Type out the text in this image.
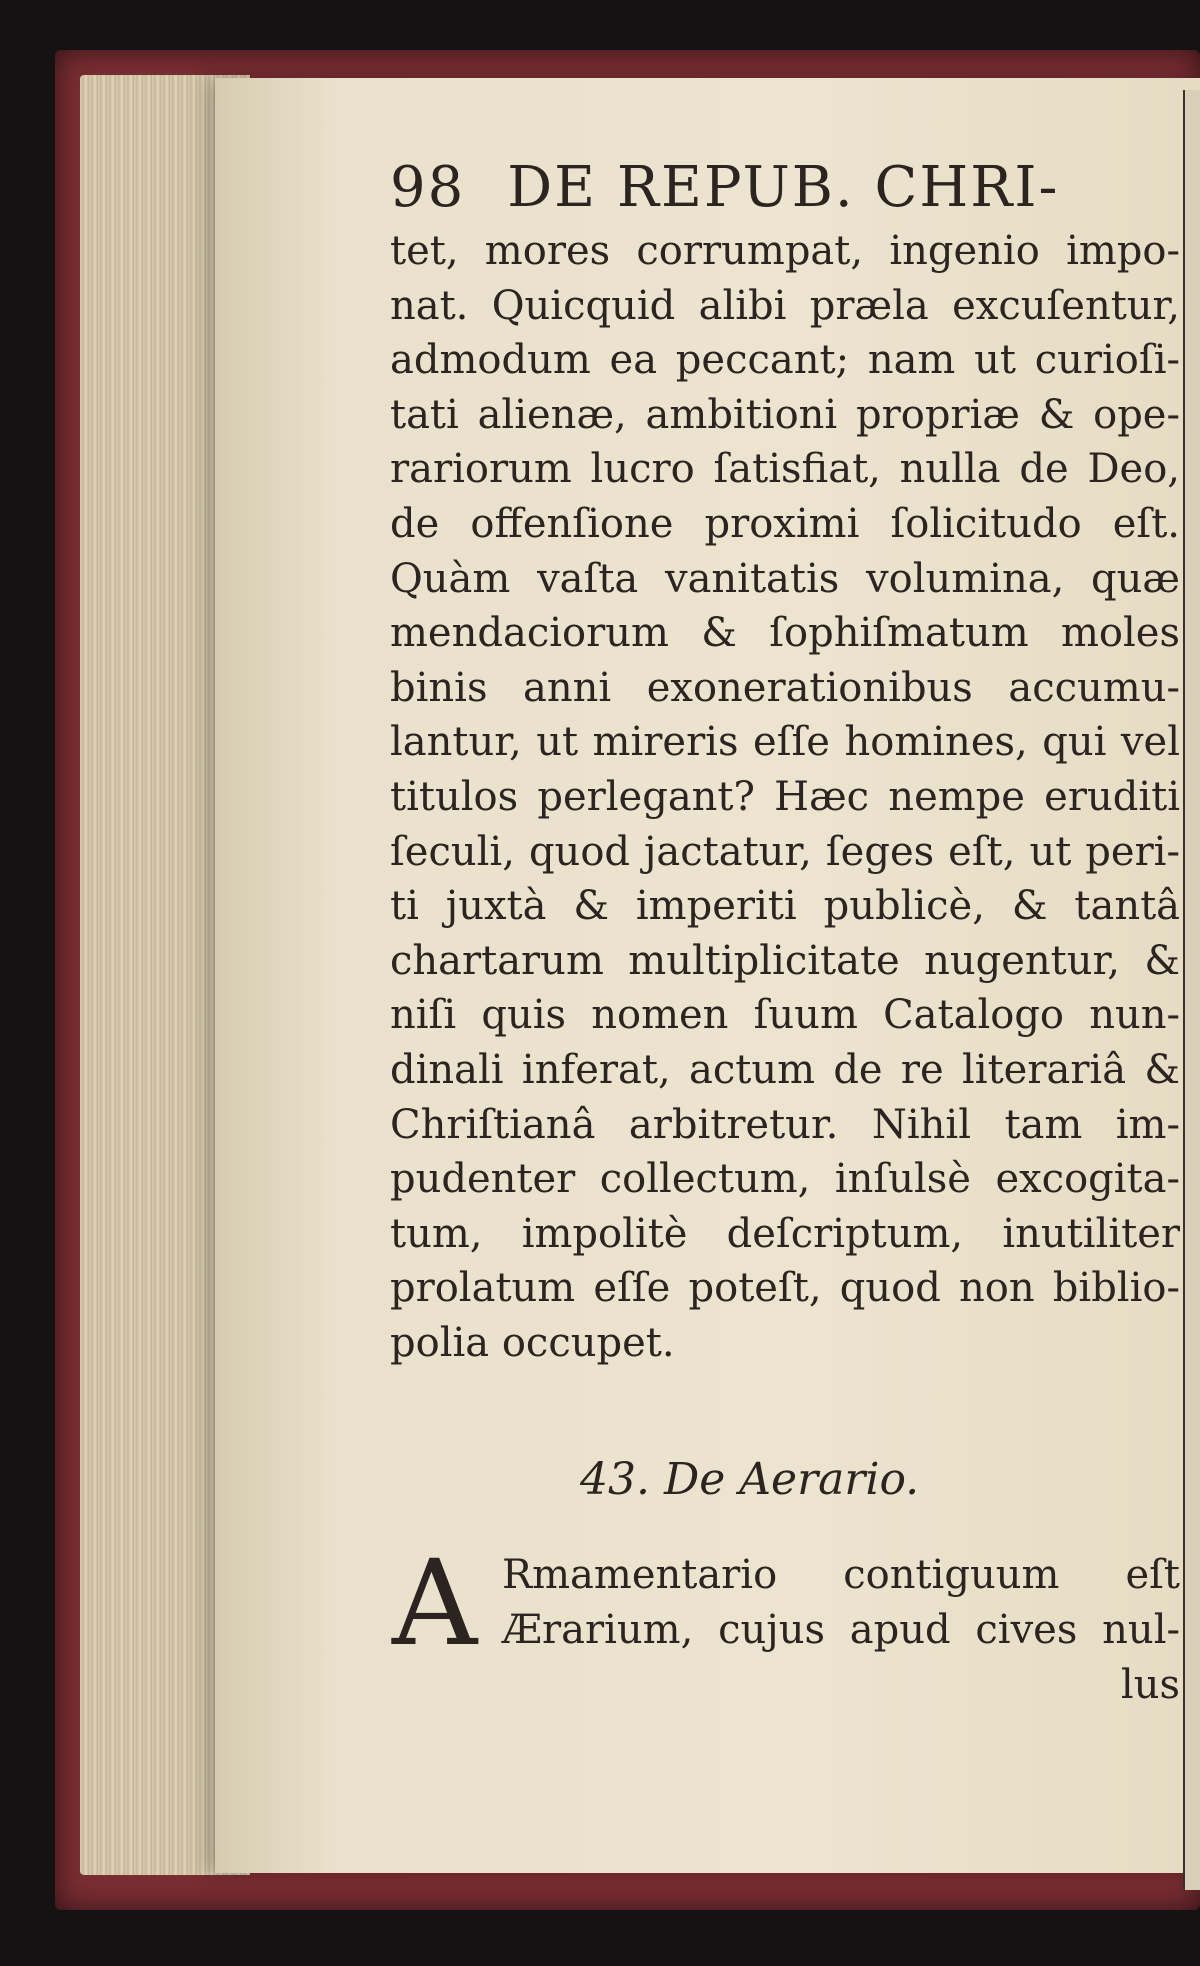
98 DE REPUB. CHRI-
tet, mores corrumpat, ingenio impo-
nat. Quicquid alibi prӕla excuſentur,
admodum ea peccant; nam ut curioſi-
tati alienӕ, ambitioni propriӕ & ope-
rariorum lucro ſatisfiat, nulla de Deo,
de offenſione proximi ſolicitudo eſt.
Quàm vaſta vanitatis volumina, quӕ
mendaciorum & ſophiſmatum moles
binis anni exonerationibus accumu-
lantur, ut mireris eſſe homines, qui vel
titulos perlegant? Hӕc nempe eruditi
ſeculi, quod jactatur, ſeges eſt, ut peri-
ti juxtà & imperiti publicè, & tantâ
chartarum multiplicitate nugentur, &
niſi quis nomen ſuum Catalogo nun-
dinali inferat, actum de re literariâ &
Chriſtianâ arbitretur. Nihil tam im-
pudenter collectum, inſulsè excogita-
tum, impolitè deſcriptum, inutiliter
prolatum eſſe poteſt, quod non biblio-
polia occupet.
43. De Aerario.
A Rmamentario contiguum eſt
Ӕrarium, cujus apud cives nul-
lus
